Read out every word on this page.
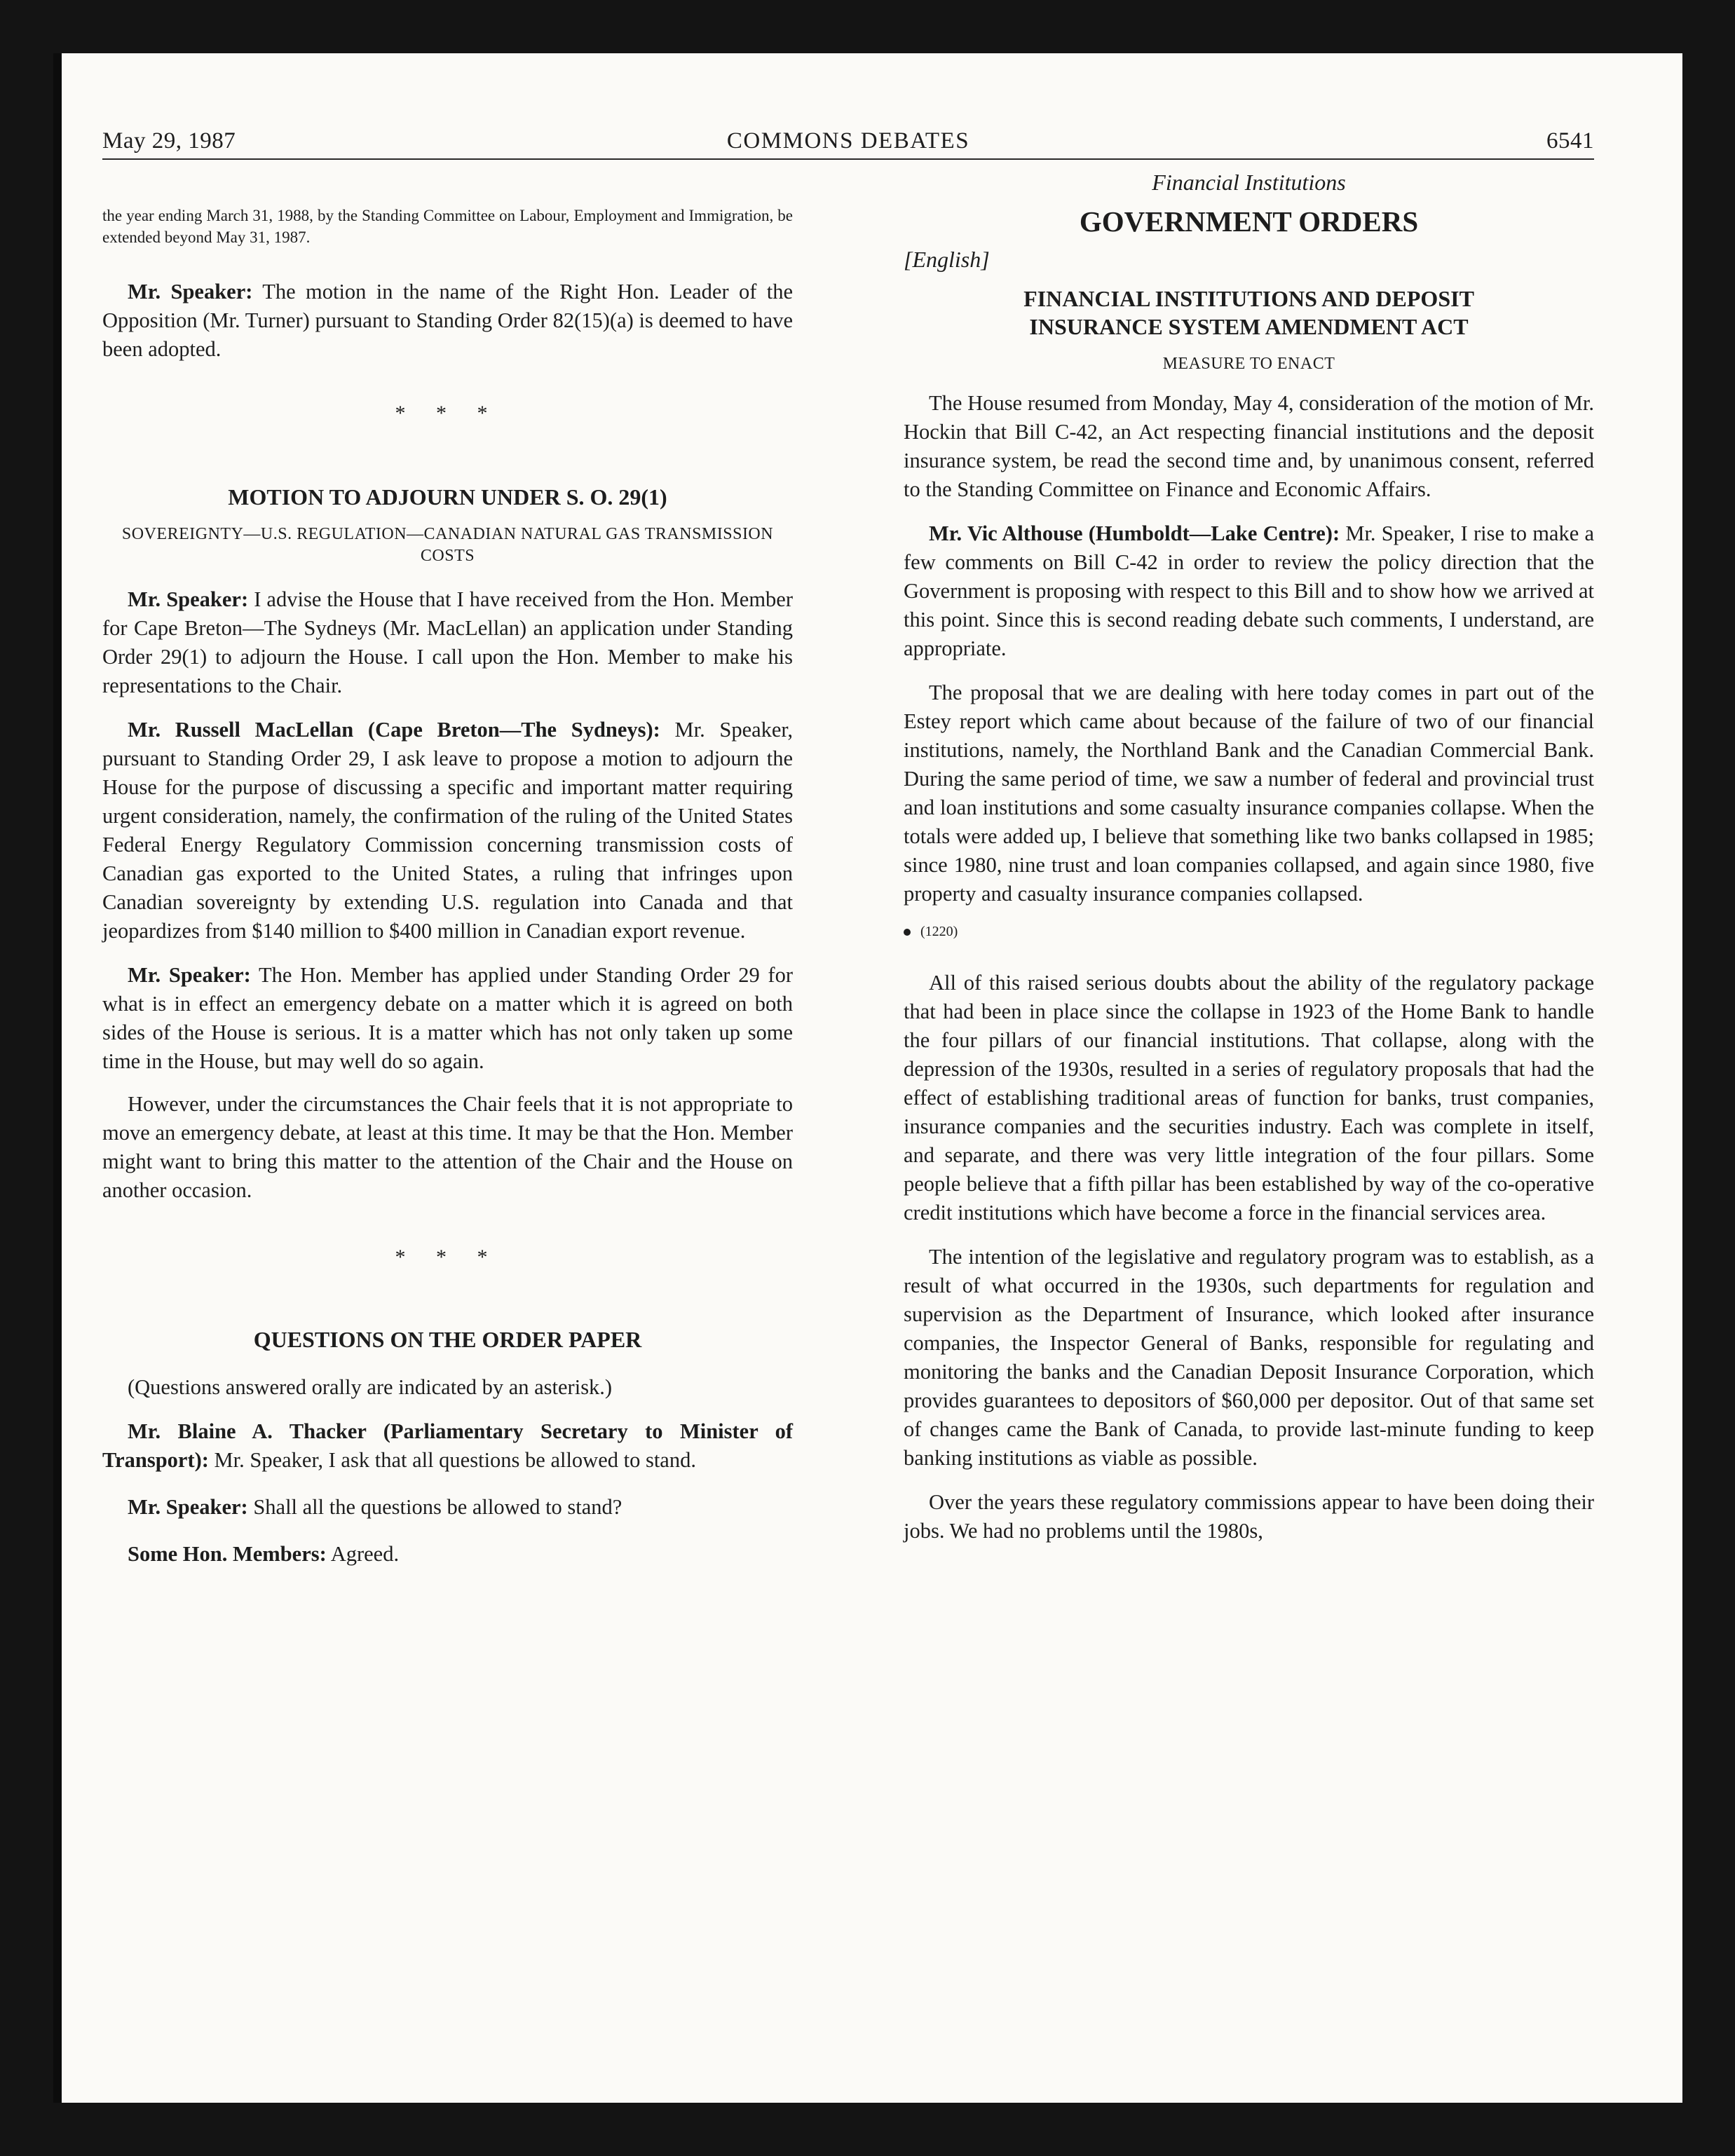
May 29, 1987	COMMONS DEBATES	6541

the year ending March 31, 1988, by the Standing Committee on Labour, Employment and Immigration, be extended beyond May 31, 1987.

Mr. Speaker: The motion in the name of the Right Hon. Leader of the Opposition (Mr. Turner) pursuant to Standing Order 82(15)(a) is deemed to have been adopted.

* * *
MOTION TO ADJOURN UNDER S. O. 29(1)
SOVEREIGNTY—U.S. REGULATION—CANADIAN NATURAL GAS TRANSMISSION COSTS

Mr. Speaker: I advise the House that I have received from the Hon. Member for Cape Breton—The Sydneys (Mr. MacLellan) an application under Standing Order 29(1) to adjourn the House. I call upon the Hon. Member to make his representations to the Chair.

Mr. Russell MacLellan (Cape Breton—The Sydneys): Mr. Speaker, pursuant to Standing Order 29, I ask leave to propose a motion to adjourn the House for the purpose of discussing a specific and important matter requiring urgent consideration, namely, the confirmation of the ruling of the United States Federal Energy Regulatory Commission concerning transmission costs of Canadian gas exported to the United States, a ruling that infringes upon Canadian sovereignty by extending U.S. regulation into Canada and that jeopardizes from $140 million to $400 million in Canadian export revenue.

Mr. Speaker: The Hon. Member has applied under Standing Order 29 for what is in effect an emergency debate on a matter which it is agreed on both sides of the House is serious. It is a matter which has not only taken up some time in the House, but may well do so again.

However, under the circumstances the Chair feels that it is not appropriate to move an emergency debate, at least at this time. It may be that the Hon. Member might want to bring this matter to the attention of the Chair and the House on another occasion.

* * *
QUESTIONS ON THE ORDER PAPER

(Questions answered orally are indicated by an asterisk.)

Mr. Blaine A. Thacker (Parliamentary Secretary to Minister of Transport): Mr. Speaker, I ask that all questions be allowed to stand.

Mr. Speaker: Shall all the questions be allowed to stand?

Some Hon. Members: Agreed.

Financial Institutions
GOVERNMENT ORDERS
[English]
FINANCIAL INSTITUTIONS AND DEPOSIT INSURANCE SYSTEM AMENDMENT ACT
MEASURE TO ENACT

The House resumed from Monday, May 4, consideration of the motion of Mr. Hockin that Bill C-42, an Act respecting financial institutions and the deposit insurance system, be read the second time and, by unanimous consent, referred to the Standing Committee on Finance and Economic Affairs.

Mr. Vic Althouse (Humboldt—Lake Centre): Mr. Speaker, I rise to make a few comments on Bill C-42 in order to review the policy direction that the Government is proposing with respect to this Bill and to show how we arrived at this point. Since this is second reading debate such comments, I understand, are appropriate.

The proposal that we are dealing with here today comes in part out of the Estey report which came about because of the failure of two of our financial institutions, namely, the Northland Bank and the Canadian Commercial Bank. During the same period of time, we saw a number of federal and provincial trust and loan institutions and some casualty insurance companies collapse. When the totals were added up, I believe that something like two banks collapsed in 1985; since 1980, nine trust and loan companies collapsed, and again since 1980, five property and casualty insurance companies collapsed.

(1220)

All of this raised serious doubts about the ability of the regulatory package that had been in place since the collapse in 1923 of the Home Bank to handle the four pillars of our financial institutions. That collapse, along with the depression of the 1930s, resulted in a series of regulatory proposals that had the effect of establishing traditional areas of function for banks, trust companies, insurance companies and the securities industry. Each was complete in itself, and separate, and there was very little integration of the four pillars. Some people believe that a fifth pillar has been established by way of the co-operative credit institutions which have become a force in the financial services area.

The intention of the legislative and regulatory program was to establish, as a result of what occurred in the 1930s, such departments for regulation and supervision as the Department of Insurance, which looked after insurance companies, the Inspector General of Banks, responsible for regulating and monitoring the banks and the Canadian Deposit Insurance Corporation, which provides guarantees to depositors of $60,000 per depositor. Out of that same set of changes came the Bank of Canada, to provide last-minute funding to keep banking institutions as viable as possible.

Over the years these regulatory commissions appear to have been doing their jobs. We had no problems until the 1980s,
